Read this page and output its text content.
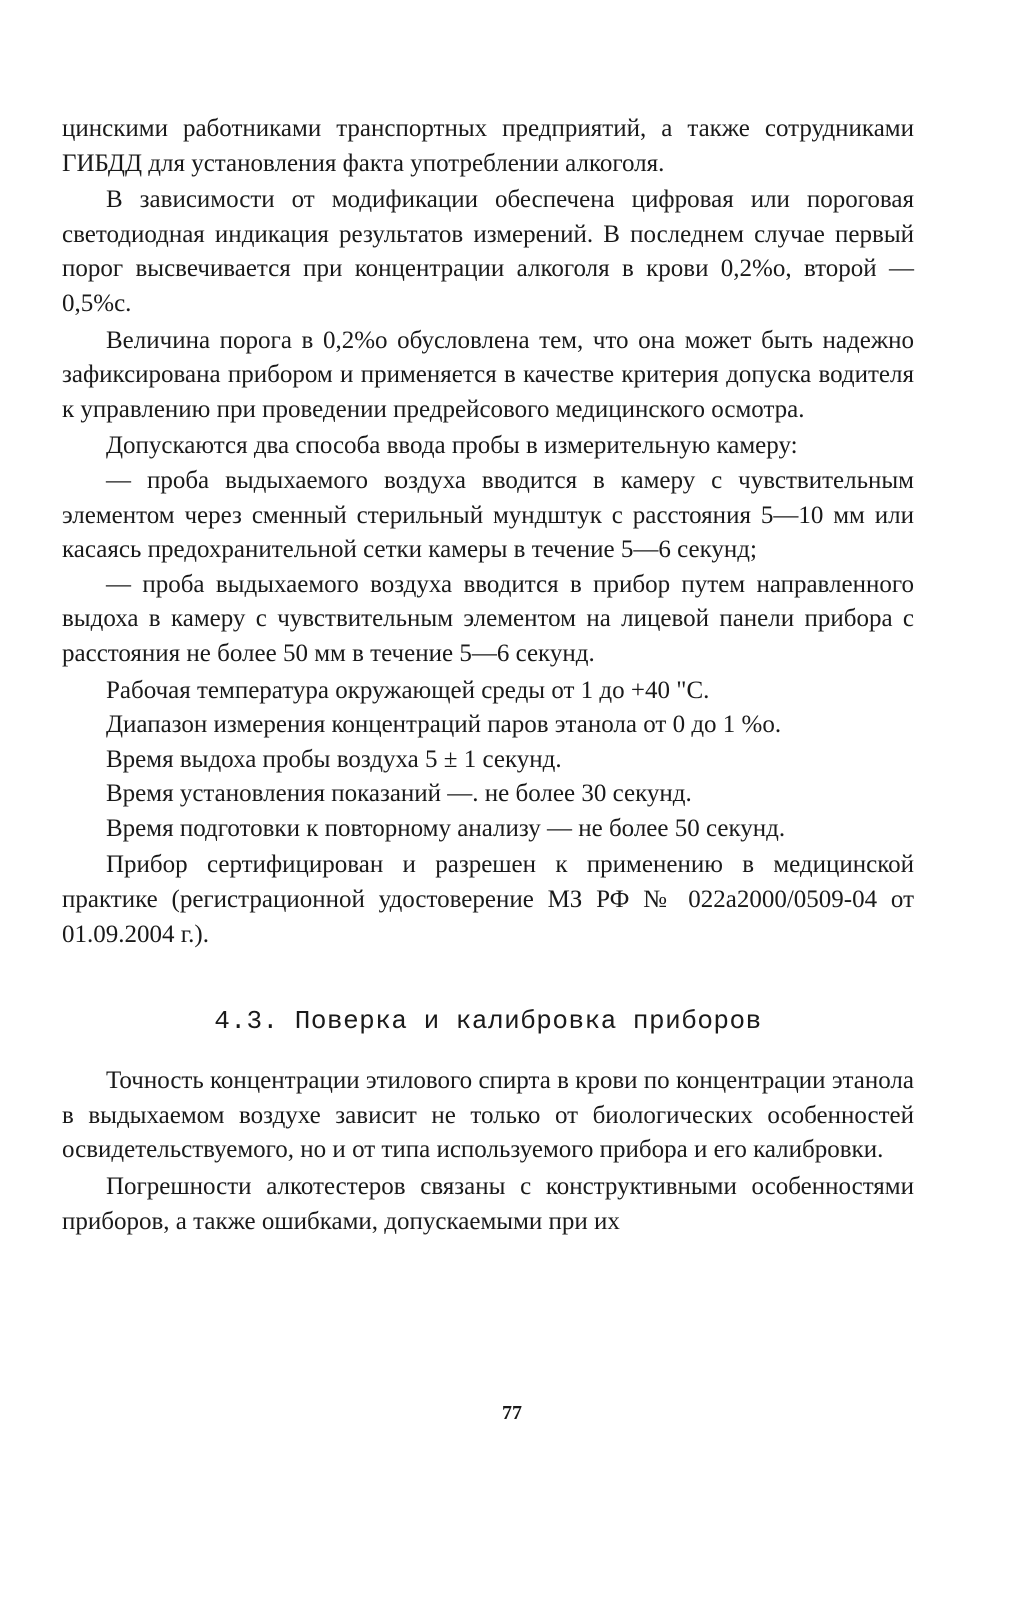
цинскими работниками транспортных предприятий, а также сотрудниками ГИБДД для установления факта употреблении алкоголя.

В зависимости от модификации обеспечена цифровая или пороговая светодиодная индикация результатов измерений. В последнем случае первый порог высвечивается при концентрации алкоголя в крови 0,2%о, второй — 0,5%с.

Величина порога в 0,2%о обусловлена тем, что она может быть надежно зафиксирована прибором и применяется в качестве критерия допуска водителя к управлению при проведении предрейсового медицинского осмотра.

Допускаются два способа ввода пробы в измерительную камеру:

— проба выдыхаемого воздуха вводится в камеру с чувствительным элементом через сменный стерильный мундштук с расстояния 5—10 мм или касаясь предохранительной сетки камеры в течение 5—6 секунд;

— проба выдыхаемого воздуха вводится в прибор путем направленного выдоха в камеру с чувствительным элементом на лицевой панели прибора с расстояния не более 50 мм в течение 5—6 секунд.

Рабочая температура окружающей среды от 1 до +40 "С.

Диапазон измерения концентраций паров этанола от 0 до 1 %о.

Время выдоха пробы воздуха 5 ± 1 секунд.

Время установления показаний —. не более 30 секунд.

Время подготовки к повторному анализу — не более 50 секунд.

Прибор сертифицирован и разрешен к применению в медицинской практике (регистрационной удостоверение МЗ РФ № 022а2000/0509-04 от 01.09.2004 г.).

4.3. Поверка и калибровка приборов

Точность концентрации этилового спирта в крови по концентрации этанола в выдыхаемом воздухе зависит не только от биологических особенностей освидетельствуемого, но и от типа используемого прибора и его калибровки.

Погрешности алкотестеров связаны с конструктивными особенностями приборов, а также ошибками, допускаемыми при их

77
